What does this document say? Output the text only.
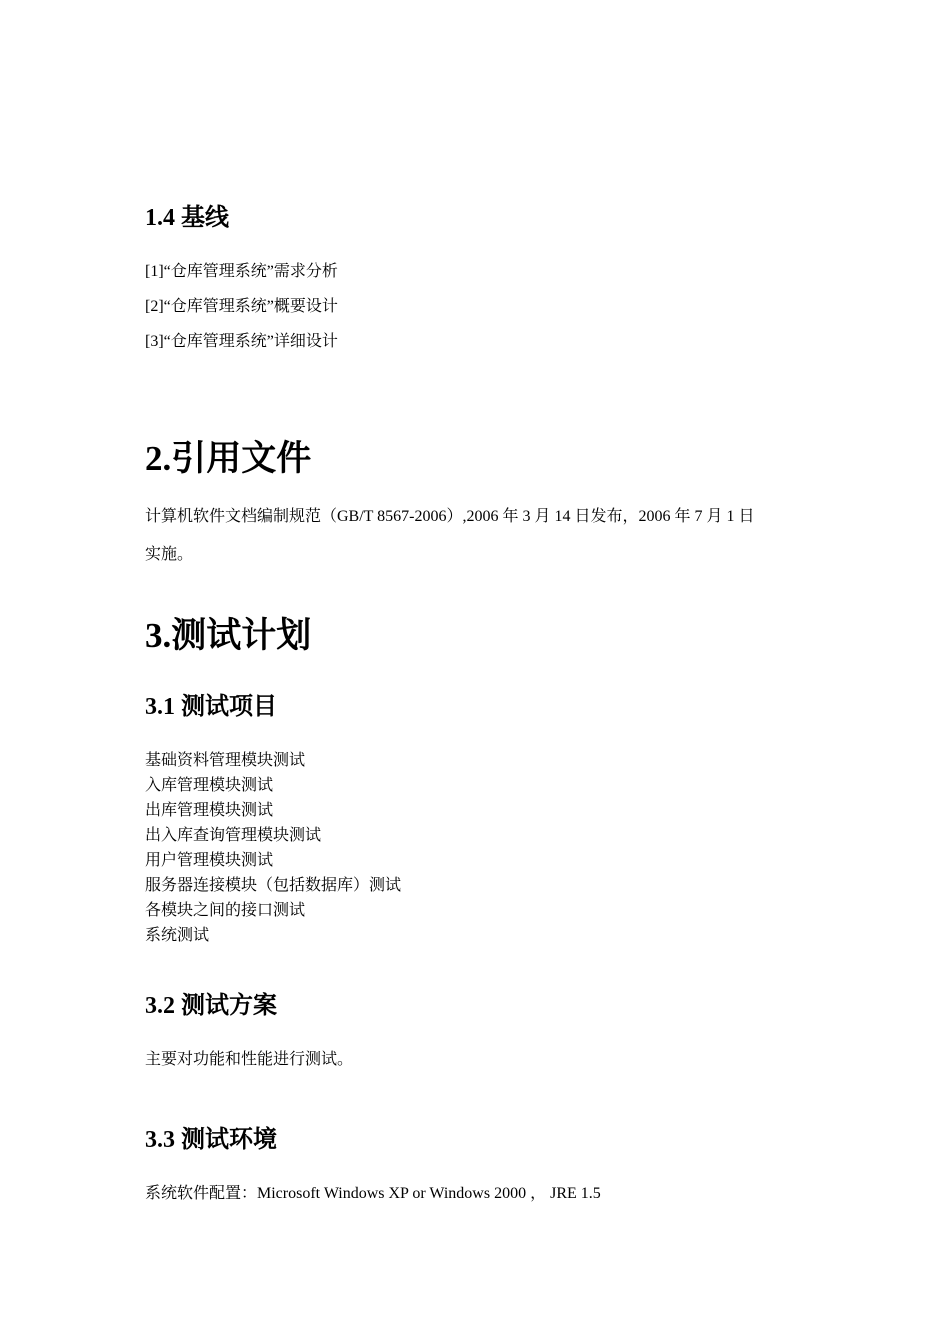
1.4 基线

[1]“仓库管理系统”需求分析

[2]“仓库管理系统”概要设计

[3]“仓库管理系统”详细设计

2.引用文件

计算机软件文档编制规范（GB/T 8567-2006）,2006 年 3 月 14 日发布，2006 年 7 月 1 日

实施。

3.测试计划
3.1 测试项目

基础资料管理模块测试

入库管理模块测试

出库管理模块测试

出入库查询管理模块测试

用户管理模块测试

服务器连接模块（包括数据库）测试

各模块之间的接口测试

系统测试

3.2 测试方案

主要对功能和性能进行测试。

3.3 测试环境

系统软件配置：Microsoft Windows XP or Windows 2000 ， JRE 1.5
